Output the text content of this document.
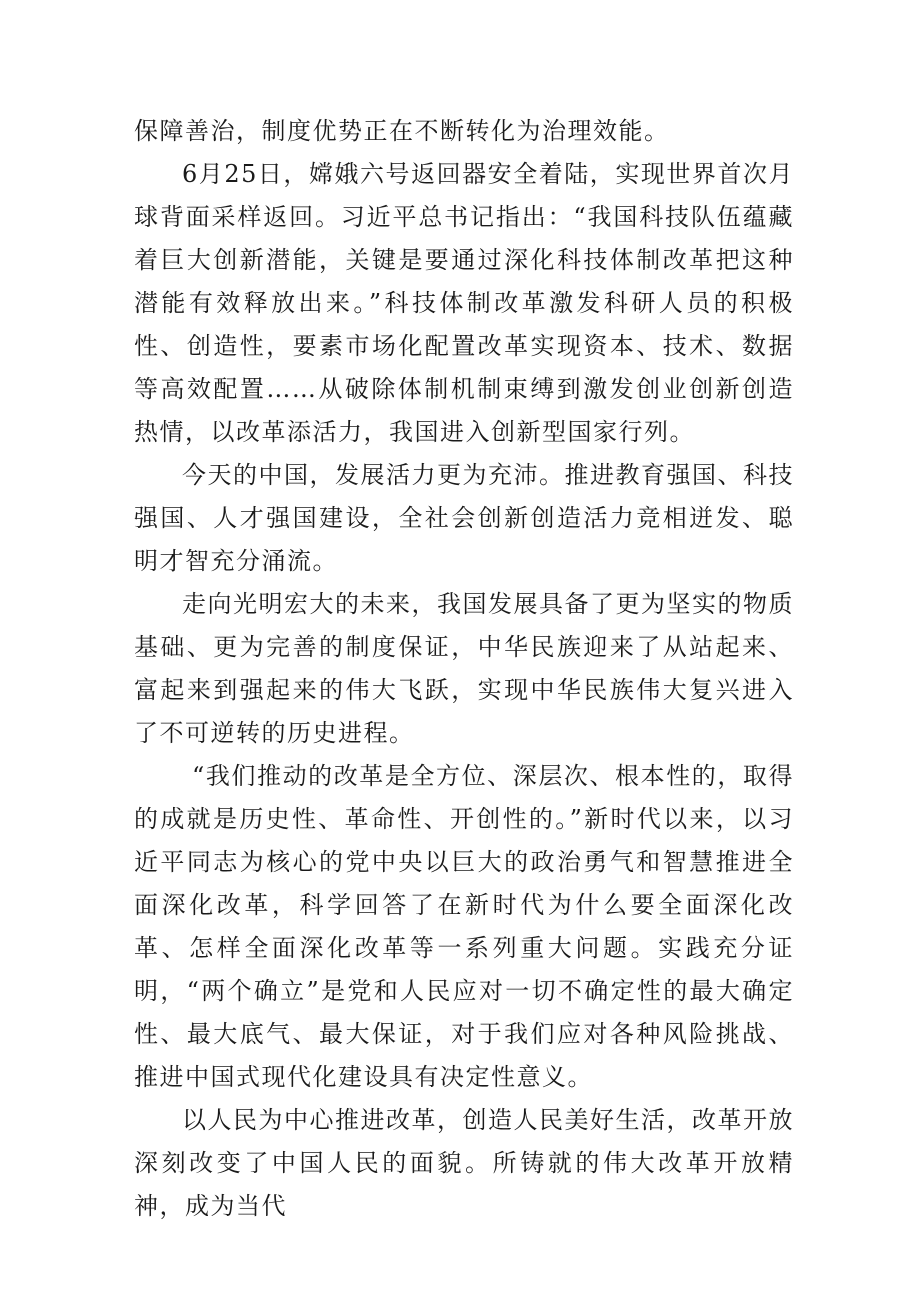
保障善治，制度优势正在不断转化为治理效能。

6月25日，嫦娥六号返回器安全着陆，实现世界首次月球背面采样返回。习近平总书记指出：“我国科技队伍蕴藏着巨大创新潜能，关键是要通过深化科技体制改革把这种潜能有效释放出来。”科技体制改革激发科研人员的积极性、创造性，要素市场化配置改革实现资本、技术、数据等高效配置……从破除体制机制束缚到激发创业创新创造热情，以改革添活力，我国进入创新型国家行列。

今天的中国，发展活力更为充沛。推进教育强国、科技强国、人才强国建设，全社会创新创造活力竞相迸发、聪明才智充分涌流。

走向光明宏大的未来，我国发展具备了更为坚实的物质基础、更为完善的制度保证，中华民族迎来了从站起来、富起来到强起来的伟大飞跃，实现中华民族伟大复兴进入了不可逆转的历史进程。

“我们推动的改革是全方位、深层次、根本性的，取得的成就是历史性、革命性、开创性的。”新时代以来，以习近平同志为核心的党中央以巨大的政治勇气和智慧推进全面深化改革，科学回答了在新时代为什么要全面深化改革、怎样全面深化改革等一系列重大问题。实践充分证明，“两个确立”是党和人民应对一切不确定性的最大确定性、最大底气、最大保证，对于我们应对各种风险挑战、推进中国式现代化建设具有决定性意义。

以人民为中心推进改革，创造人民美好生活，改革开放深刻改变了中国人民的面貌。所铸就的伟大改革开放精神，成为当代
